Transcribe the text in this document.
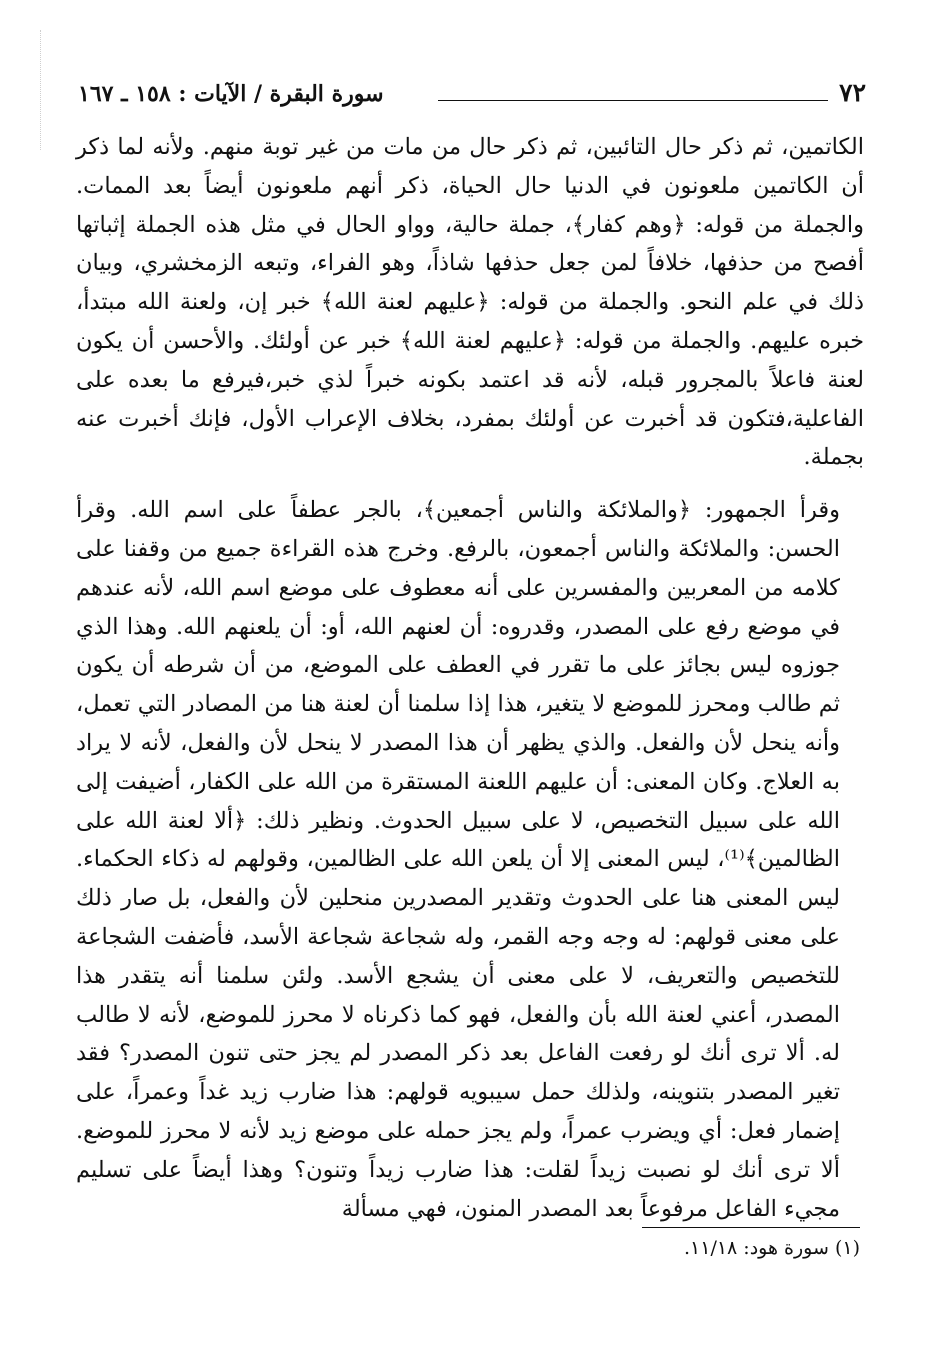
٧٢
سورة البقرة / الآيات : ١٥٨ ـ ١٦٧

الكاتمين، ثم ذكر حال التائبين، ثم ذكر حال من مات من غير توبة منهم. ولأنه لما ذكر أن الكاتمين ملعونون في الدنيا حال الحياة، ذكر أنهم ملعونون أيضاً بعد الممات. والجملة من قوله: ﴿وهم كفار﴾، جملة حالية، وواو الحال في مثل هذه الجملة إثباتها أفصح من حذفها، خلافاً لمن جعل حذفها شاذاً، وهو الفراء، وتبعه الزمخشري، وبيان ذلك في علم النحو. والجملة من قوله: ﴿عليهم لعنة الله﴾ خبر إن، ولعنة الله مبتدأ، خبره عليهم. والجملة من قوله: ﴿عليهم لعنة الله﴾ خبر عن أولئك. والأحسن أن يكون لعنة فاعلاً بالمجرور قبله، لأنه قد اعتمد بكونه خبراً لذي خبر،فيرفع ما بعده على الفاعلية،فتكون قد أخبرت عن أولئك بمفرد، بخلاف الإعراب الأول، فإنك أخبرت عنه بجملة.

وقرأ الجمهور: ﴿والملائكة والناس أجمعين﴾، بالجر عطفاً على اسم الله. وقرأ الحسن: والملائكة والناس أجمعون، بالرفع. وخرج هذه القراءة جميع من وقفنا على كلامه من المعربين والمفسرين على أنه معطوف على موضع اسم الله، لأنه عندهم في موضع رفع على المصدر، وقدروه: أن لعنهم الله، أو: أن يلعنهم الله. وهذا الذي جوزوه ليس بجائز على ما تقرر في العطف على الموضع، من أن شرطه أن يكون ثم طالب ومحرز للموضع لا يتغير، هذا إذا سلمنا أن لعنة هنا من المصادر التي تعمل، وأنه ينحل لأن والفعل. والذي يظهر أن هذا المصدر لا ينحل لأن والفعل، لأنه لا يراد به العلاج. وكان المعنى: أن عليهم اللعنة المستقرة من الله على الكفار، أضيفت إلى الله على سبيل التخصيص، لا على سبيل الحدوث. ونظير ذلك: ﴿ألا لعنة الله على الظالمين﴾⁽¹⁾، ليس المعنى إلا أن يلعن الله على الظالمين، وقولهم له ذكاء الحكماء. ليس المعنى هنا على الحدوث وتقدير المصدرين منحلين لأن والفعل، بل صار ذلك على معنى قولهم: له وجه وجه القمر، وله شجاعة شجاعة الأسد، فأضفت الشجاعة للتخصيص والتعريف، لا على معنى أن يشجع الأسد. ولئن سلمنا أنه يتقدر هذا المصدر، أعني لعنة الله بأن والفعل، فهو كما ذكرناه لا محرز للموضع، لأنه لا طالب له. ألا ترى أنك لو رفعت الفاعل بعد ذكر المصدر لم يجز حتى تنون المصدر؟ فقد تغير المصدر بتنوينه، ولذلك حمل سيبويه قولهم: هذا ضارب زيد غداً وعمراً، على إضمار فعل: أي ويضرب عمراً، ولم يجز حمله على موضع زيد لأنه لا محرز للموضع. ألا ترى أنك لو نصبت زيداً لقلت: هذا ضارب زيداً وتنون؟ وهذا أيضاً على تسليم مجيء الفاعل مرفوعاً بعد المصدر المنون، فهي مسألة

(١) سورة هود: ١١/١٨.
